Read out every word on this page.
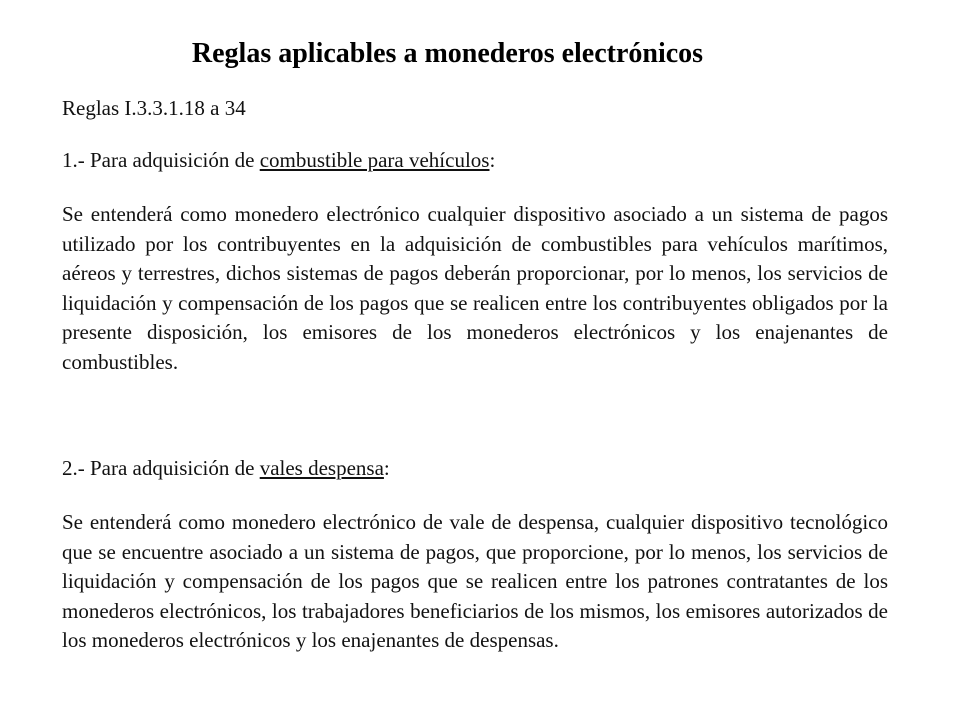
Reglas aplicables a monederos electrónicos
Reglas I.3.3.1.18 a 34
1.- Para adquisición de combustible para vehículos:

Se entenderá como monedero electrónico cualquier dispositivo asociado a un sistema de pagos utilizado por los contribuyentes en la adquisición de combustibles para vehículos marítimos, aéreos y terrestres, dichos sistemas de pagos deberán proporcionar, por lo menos, los servicios de liquidación y compensación de los pagos que se realicen entre los contribuyentes obligados por la presente disposición, los emisores de los monederos electrónicos y los enajenantes de combustibles.

2.- Para adquisición de vales despensa:

Se entenderá como monedero electrónico de vale de despensa, cualquier dispositivo tecnológico que se encuentre asociado a un sistema de pagos, que proporcione, por lo menos, los servicios de liquidación y compensación de los pagos que se realicen entre los patrones contratantes de los monederos electrónicos, los trabajadores beneficiarios de los mismos, los emisores autorizados de los monederos electrónicos y los enajenantes de despensas.
